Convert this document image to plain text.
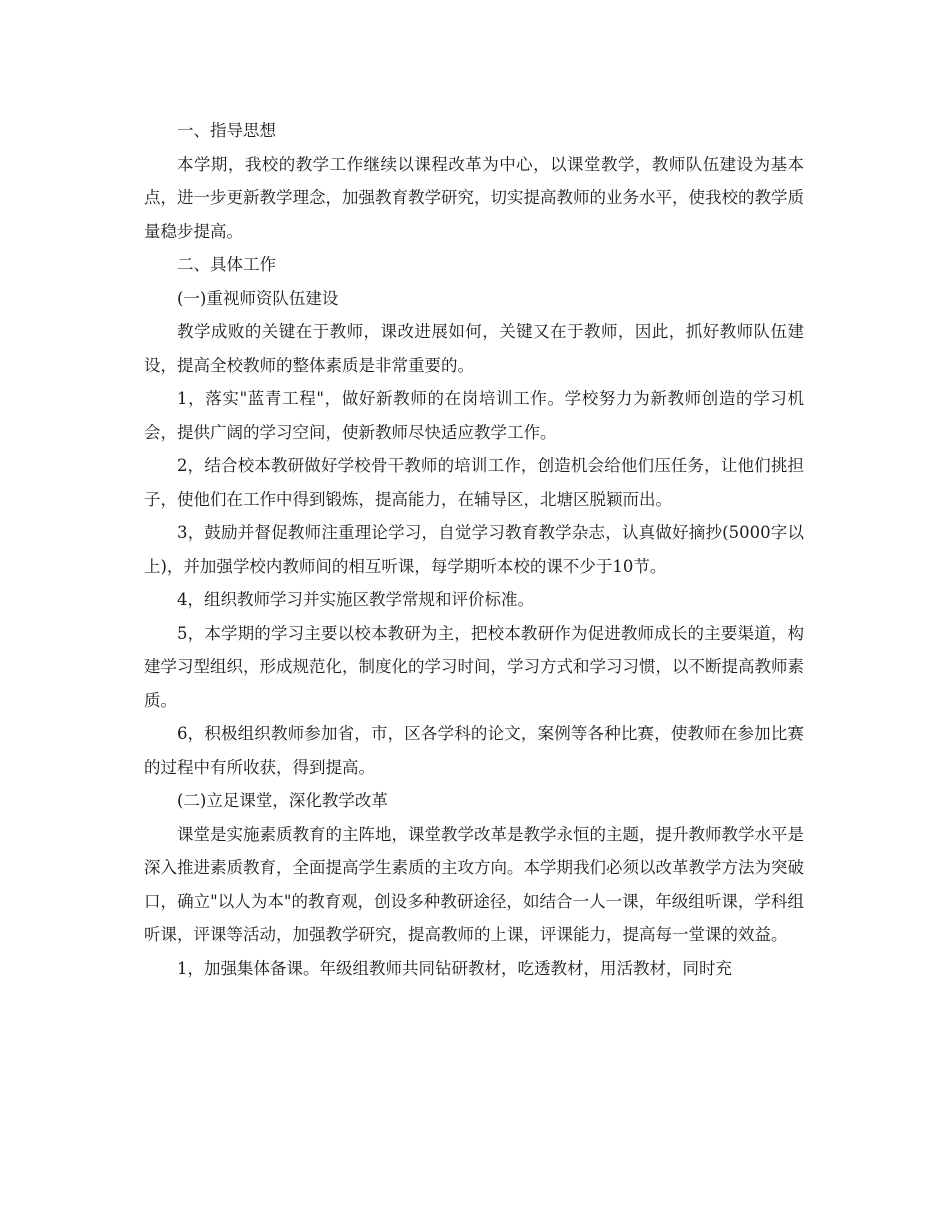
一、指导思想

本学期，我校的教学工作继续以课程改革为中心，以课堂教学，教师队伍建设为基本点，进一步更新教学理念，加强教育教学研究，切实提高教师的业务水平，使我校的教学质量稳步提高。

二、具体工作

(一)重视师资队伍建设

教学成败的关键在于教师，课改进展如何，关键又在于教师，因此，抓好教师队伍建设，提高全校教师的整体素质是非常重要的。

1，落实"蓝青工程"，做好新教师的在岗培训工作。学校努力为新教师创造的学习机会，提供广阔的学习空间，使新教师尽快适应教学工作。

2，结合校本教研做好学校骨干教师的培训工作，创造机会给他们压任务，让他们挑担子，使他们在工作中得到锻炼，提高能力，在辅导区，北塘区脱颖而出。

3，鼓励并督促教师注重理论学习，自觉学习教育教学杂志，认真做好摘抄(5000字以上)，并加强学校内教师间的相互听课，每学期听本校的课不少于10节。

4，组织教师学习并实施区教学常规和评价标准。

5，本学期的学习主要以校本教研为主，把校本教研作为促进教师成长的主要渠道，构建学习型组织，形成规范化，制度化的学习时间，学习方式和学习习惯，以不断提高教师素质。

6，积极组织教师参加省，市，区各学科的论文，案例等各种比赛，使教师在参加比赛的过程中有所收获，得到提高。

(二)立足课堂，深化教学改革

课堂是实施素质教育的主阵地，课堂教学改革是教学永恒的主题，提升教师教学水平是深入推进素质教育，全面提高学生素质的主攻方向。本学期我们必须以改革教学方法为突破口，确立"以人为本"的教育观，创设多种教研途径，如结合一人一课，年级组听课，学科组听课，评课等活动，加强教学研究，提高教师的上课，评课能力，提高每一堂课的效益。

1，加强集体备课。年级组教师共同钻研教材，吃透教材，用活教材，同时充
